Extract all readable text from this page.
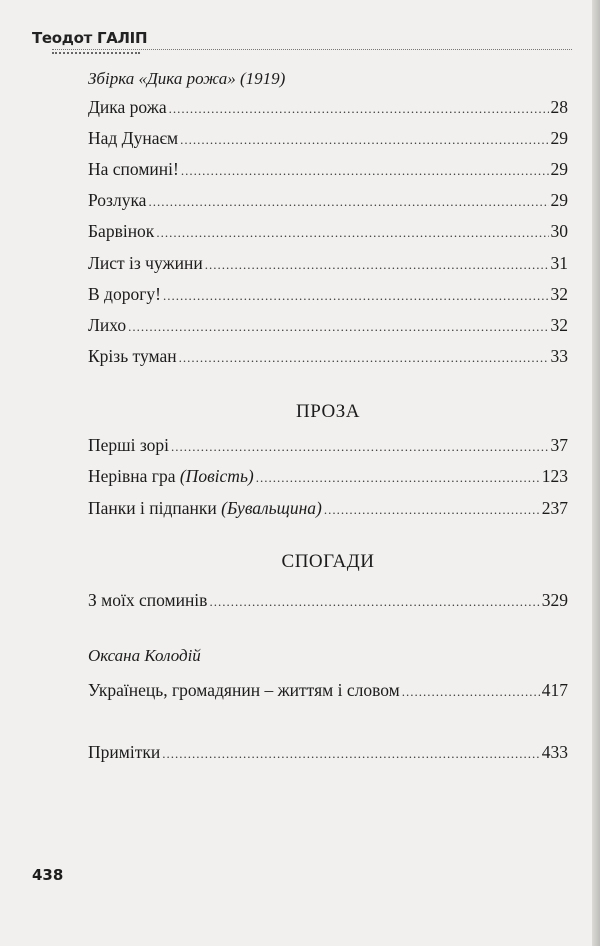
Теодот ГАЛІП
Збірка «Дика рожа» (1919)
Дика рожа .....	28
Над Дунаєм .....	29
На спомині! .....	29
Розлука .....	29
Барвінок .....	30
Лист із чужини .....	31
В дорогу! .....	32
Лихо .....	32
Крізь туман .....	33
ПРОЗА
Перші зорі .....	37
Нерівна гра (Повість) .....	123
Панки і підпанки (Бувальщина) .....	237
СПОГАДИ
З моїх споминів .....	329
Оксана Колодій
Українець, громадянин – життям і словом .....	417
Примітки .....	433
438
